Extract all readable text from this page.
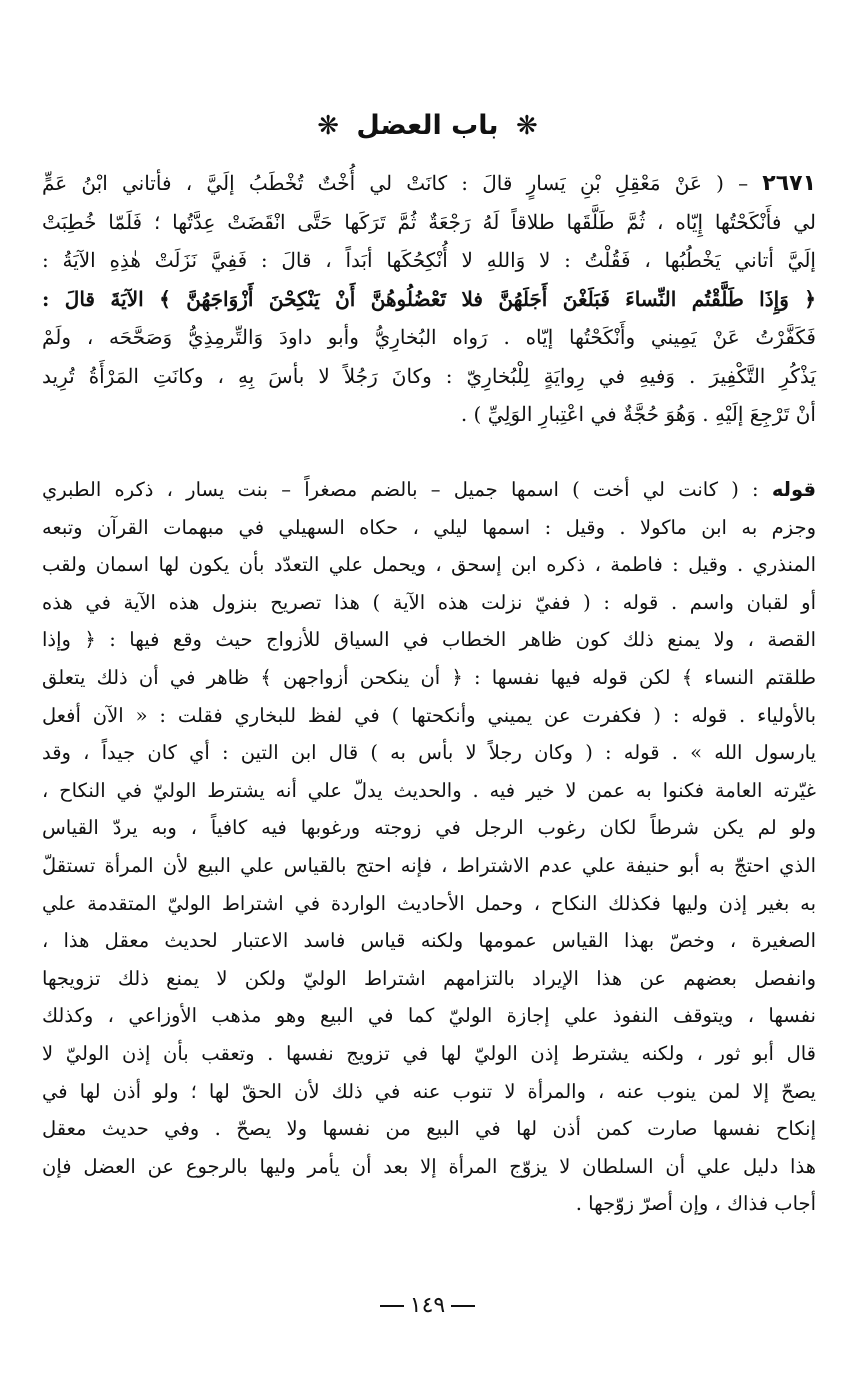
❋ باب العضل ❋
٢٦٧١ – ( عَنْ مَعْقِلِ بْنِ يَسارٍ قالَ : كانَتْ لي أُخْتٌ تُخْطَبُ إلَيَّ ، فأتاني ابْنُ عَمٍّ
لي فأَنْكَحْتُها إِيّاه ، ثُمَّ طَلَّقَها طلاقاً لَهُ رَجْعَةٌ ثُمَّ تَرَكَها حَتَّى انْقَضَتْ عِدَّتُها ؛ فَلَمّا خُطِبَتْ
إلَيَّ أتاني يَخْطُبُها ، فَقُلْتُ : لا وَاللهِ لا أُنْكِحُكَها أبَداً ، قالَ : فَفِيَّ نَزَلَتْ هٰذِهِ الآيَةُ :
﴿ وَإِذَا طَلَّقْتُم النِّساءَ فَبَلَغْنَ أَجَلَهُنَّ فلا تَعْضُلُوهُنَّ أَنْ يَنْكِحْنَ أَزْوَاجَهُنَّ ﴾ الآيَةَ قالَ :
فَكَفَّرْتُ عَنْ يَمِيني وأَنْكَحْتُها إيّاه . رَواه البُخارِيُّ وأبو داودَ وَالتِّرمِذِيُّ وَصَحَّحَه ، ولَمْ
يَذْكُرِ التَّكْفِيرَ . وَفيهِ في رِوايَةٍ لِلْبُخارِيّ : وكانَ رَجُلاً لا بأسَ بِهِ ، وكانَتِ المَرْأَةُ تُرِيد
أنْ تَرْجِعَ إلَيْهِ . وَهُوَ حُجَّةٌ في اعْتِبارِ الوَلِيِّ ) .
قوله : ( كانت لي أخت ) اسمها جميل – بالضم مصغراً – بنت يسار ، ذكره الطبري
وجزم به ابن ماكولا . وقيل : اسمها ليلي ، حكاه السهيلي في مبهمات القرآن وتبعه
المنذري . وقيل : فاطمة ، ذكره ابن إسحق ، ويحمل علي التعدّد بأن يكون لها اسمان ولقب
أو لقبان واسم . قوله : ( ففيّ نزلت هذه الآية ) هذا تصريح بنزول هذه الآية في هذه
القصة ، ولا يمنع ذلك كون ظاهر الخطاب في السياق للأزواج حيث وقع فيها : ﴿ وإذا
طلقتم النساء ﴾ لكن قوله فيها نفسها : ﴿ أن ينكحن أزواجهن ﴾ ظاهر في أن ذلك يتعلق
بالأولياء . قوله : ( فكفرت عن يميني وأنكحتها ) في لفظ للبخاري فقلت : « الآن أفعل
يارسول الله » . قوله : ( وكان رجلاً لا بأس به ) قال ابن التين : أي كان جيداً ، وقد
غيّرته العامة فكنوا به عمن لا خير فيه . والحديث يدلّ علي أنه يشترط الوليّ في النكاح ،
ولو لم يكن شرطاً لكان رغوب الرجل في زوجته ورغوبها فيه كافياً ، وبه يردّ القياس
الذي احتجّ به أبو حنيفة علي عدم الاشتراط ، فإنه احتج بالقياس علي البيع لأن المرأة تستقلّ
به بغير إذن وليها فكذلك النكاح ، وحمل الأحاديث الواردة في اشتراط الوليّ المتقدمة علي
الصغيرة ، وخصّ بهذا القياس عمومها ولكنه قياس فاسد الاعتبار لحديث معقل هذا ،
وانفصل بعضهم عن هذا الإيراد بالتزامهم اشتراط الوليّ ولكن لا يمنع ذلك تزويجها
نفسها ، ويتوقف النفوذ علي إجازة الوليّ كما في البيع وهو مذهب الأوزاعي ، وكذلك
قال أبو ثور ، ولكنه يشترط إذن الوليّ لها في تزويج نفسها . وتعقب بأن إذن الوليّ لا
يصحّ إلا لمن ينوب عنه ، والمرأة لا تنوب عنه في ذلك لأن الحقّ لها ؛ ولو أذن لها في
إنكاح نفسها صارت كمن أذن لها في البيع من نفسها ولا يصحّ . وفي حديث معقل
هذا دليل علي أن السلطان لا يزوّج المرأة إلا بعد أن يأمر وليها بالرجوع عن العضل فإن
أجاب فذاك ، وإن أصرّ زوّجها .
١٤٩
